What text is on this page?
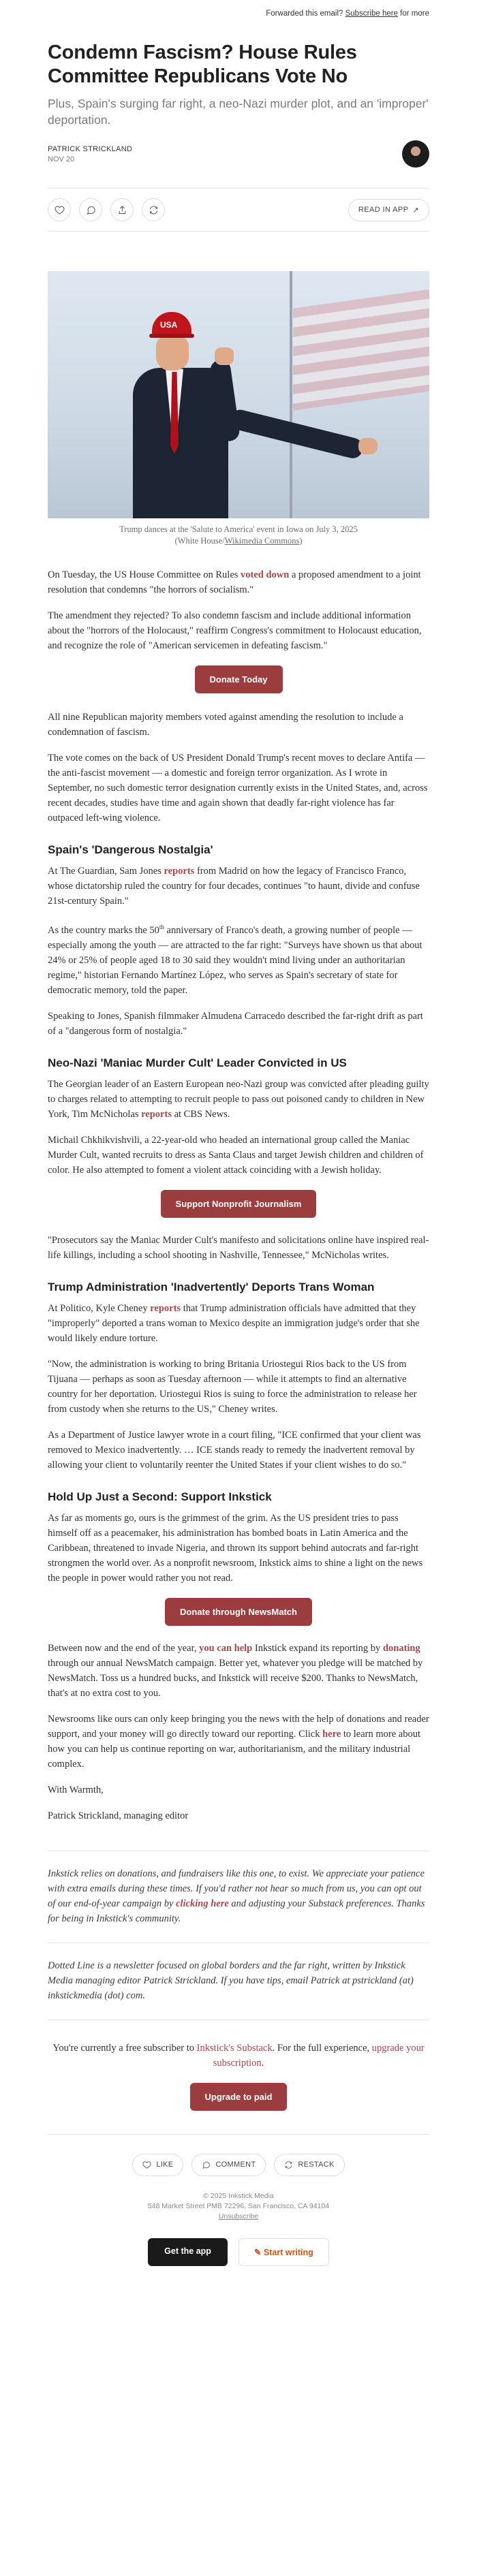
Forwarded this email? Subscribe here for more
Condemn Fascism? House Rules Committee Republicans Vote No
Plus, Spain's surging far right, a neo-Nazi murder plot, and an 'improper' deportation.
PATRICK STRICKLAND
NOV 20
READ IN APP ↗
USA
Trump dances at the 'Salute to America' event in Iowa on July 3, 2025
(White House/Wikimedia Commons)

On Tuesday, the US House Committee on Rules voted down a proposed amendment to a joint resolution that condemns "the horrors of socialism."

The amendment they rejected? To also condemn fascism and include additional information about the "horrors of the Holocaust," reaffirm Congress's commitment to Holocaust education, and recognize the role of "American servicemen in defeating fascism."

Donate Today

All nine Republican majority members voted against amending the resolution to include a condemnation of fascism.

The vote comes on the back of US President Donald Trump's recent moves to declare Antifa — the anti-fascist movement — a domestic and foreign terror organization. As I wrote in September, no such domestic terror designation currently exists in the United States, and, across recent decades, studies have time and again shown that deadly far-right violence has far outpaced left-wing violence.

Spain's 'Dangerous Nostalgia'

At The Guardian, Sam Jones reports from Madrid on how the legacy of Francisco Franco, whose dictatorship ruled the country for four decades, continues "to haunt, divide and confuse 21st-century Spain."

As the country marks the 50th anniversary of Franco's death, a growing number of people — especially among the youth — are attracted to the far right: "Surveys have shown us that about 24% or 25% of people aged 18 to 30 said they wouldn't mind living under an authoritarian regime," historian Fernando Martínez López, who serves as Spain's secretary of state for democratic memory, told the paper.

Speaking to Jones, Spanish filmmaker Almudena Carracedo described the far-right drift as part of a "dangerous form of nostalgia."

Neo-Nazi 'Maniac Murder Cult' Leader Convicted in US

The Georgian leader of an Eastern European neo-Nazi group was convicted after pleading guilty to charges related to attempting to recruit people to pass out poisoned candy to children in New York, Tim McNicholas reports at CBS News.

Michail Chkhikvishvili, a 22-year-old who headed an international group called the Maniac Murder Cult, wanted recruits to dress as Santa Claus and target Jewish children and children of color. He also attempted to foment a violent attack coinciding with a Jewish holiday.

Support Nonprofit Journalism

"Prosecutors say the Maniac Murder Cult's manifesto and solicitations online have inspired real-life killings, including a school shooting in Nashville, Tennessee," McNicholas writes.

Trump Administration 'Inadvertently' Deports Trans Woman

At Politico, Kyle Cheney reports that Trump administration officials have admitted that they "improperly" deported a trans woman to Mexico despite an immigration judge's order that she would likely endure torture.

"Now, the administration is working to bring Britania Uriostegui Rios back to the US from Tijuana — perhaps as soon as Tuesday afternoon — while it attempts to find an alternative country for her deportation. Uriostegui Rios is suing to force the administration to release her from custody when she returns to the US," Cheney writes.

As a Department of Justice lawyer wrote in a court filing, "ICE confirmed that your client was removed to Mexico inadvertently. … ICE stands ready to remedy the inadvertent removal by allowing your client to voluntarily reenter the United States if your client wishes to do so."

Hold Up Just a Second: Support Inkstick

As far as moments go, ours is the grimmest of the grim. As the US president tries to pass himself off as a peacemaker, his administration has bombed boats in Latin America and the Caribbean, threatened to invade Nigeria, and thrown its support behind autocrats and far-right strongmen the world over. As a nonprofit newsroom, Inkstick aims to shine a light on the news the people in power would rather you not read.

Donate through NewsMatch

Between now and the end of the year, you can help Inkstick expand its reporting by donating through our annual NewsMatch campaign. Better yet, whatever you pledge will be matched by NewsMatch. Toss us a hundred bucks, and Inkstick will receive $200. Thanks to NewsMatch, that's at no extra cost to you.

Newsrooms like ours can only keep bringing you the news with the help of donations and reader support, and your money will go directly toward our reporting. Click here to learn more about how you can help us continue reporting on war, authoritarianism, and the military industrial complex.

With Warmth,

Patrick Strickland, managing editor

Inkstick relies on donations, and fundraisers like this one, to exist. We appreciate your patience with extra emails during these times. If you'd rather not hear so much from us, you can opt out of our end-of-year campaign by clicking here and adjusting your Substack preferences. Thanks for being in Inkstick's community.

Dotted Line is a newsletter focused on global borders and the far right, written by Inkstick Media managing editor Patrick Strickland. If you have tips, email Patrick at pstrickland (at) inkstickmedia (dot) com.

You're currently a free subscriber to Inkstick's Substack. For the full experience, upgrade your subscription.

Upgrade to paid
LIKE	COMMENT	RESTACK
© 2025 Inkstick Media
548 Market Street PMB 72296, San Francisco, CA 94104
Unsubscribe
Get the app	✎ Start writing
